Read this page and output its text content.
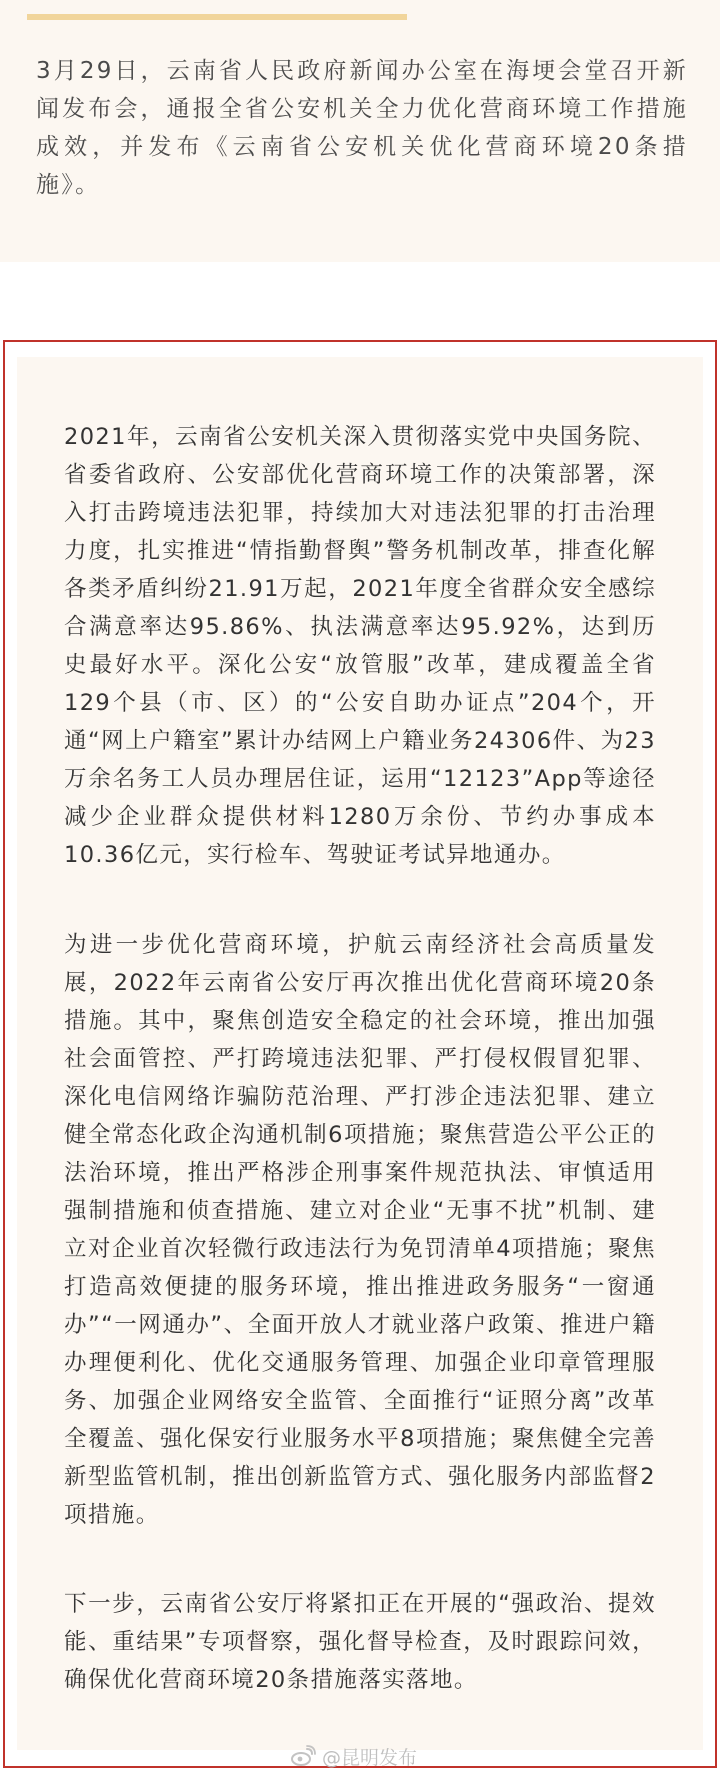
3月29日，云南省人民政府新闻办公室在海埂会堂召开新闻发布会，通报全省公安机关全力优化营商环境工作措施成效，并发布《云南省公安机关优化营商环境20条措施》。

2021年，云南省公安机关深入贯彻落实党中央国务院、省委省政府、公安部优化营商环境工作的决策部署，深入打击跨境违法犯罪，持续加大对违法犯罪的打击治理力度，扎实推进“情指勤督舆”警务机制改革，排查化解各类矛盾纠纷21.91万起，2021年度全省群众安全感综合满意率达95.86%、执法满意率达95.92%，达到历史最好水平。深化公安“放管服”改革，建成覆盖全省129个县（市、区）的“公安自助办证点”204个，开通“网上户籍室”累计办结网上户籍业务24306件、为23万余名务工人员办理居住证，运用“12123”App等途径减少企业群众提供材料1280万余份、节约办事成本10.36亿元，实行检车、驾驶证考试异地通办。

为进一步优化营商环境，护航云南经济社会高质量发展，2022年云南省公安厅再次推出优化营商环境20条措施。其中，聚焦创造安全稳定的社会环境，推出加强社会面管控、严打跨境违法犯罪、严打侵权假冒犯罪、深化电信网络诈骗防范治理、严打涉企违法犯罪、建立健全常态化政企沟通机制6项措施；聚焦营造公平公正的法治环境，推出严格涉企刑事案件规范执法、审慎适用强制措施和侦查措施、建立对企业“无事不扰”机制、建立对企业首次轻微行政违法行为免罚清单4项措施；聚焦打造高效便捷的服务环境，推出推进政务服务“一窗通办”“一网通办”、全面开放人才就业落户政策、推进户籍办理便利化、优化交通服务管理、加强企业印章管理服务、加强企业网络安全监管、全面推行“证照分离”改革全覆盖、强化保安行业服务水平8项措施；聚焦健全完善新型监管机制，推出创新监管方式、强化服务内部监督2项措施。

下一步，云南省公安厅将紧扣正在开展的“强政治、提效能、重结果”专项督察，强化督导检查，及时跟踪问效，确保优化营商环境20条措施落实落地。

@昆明发布
